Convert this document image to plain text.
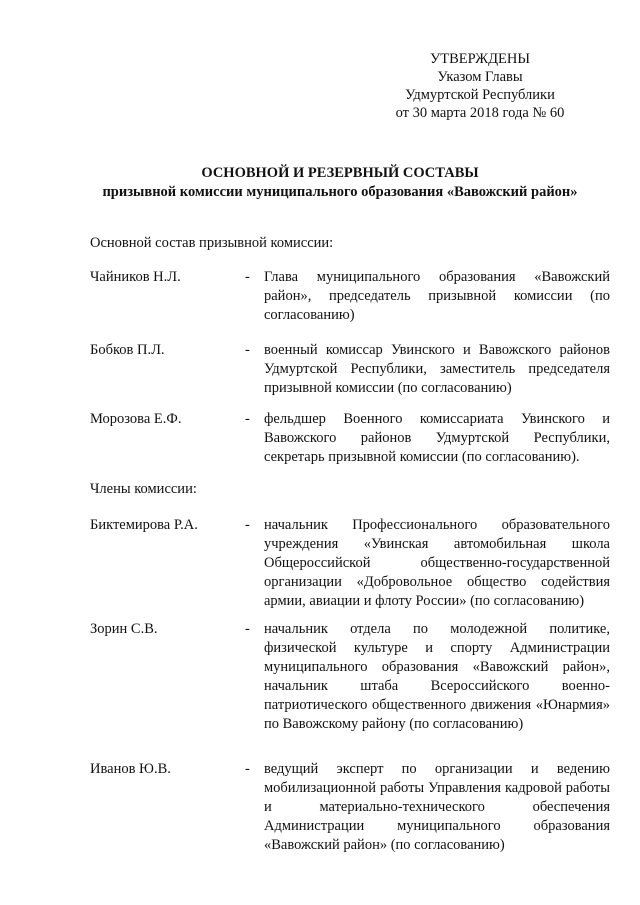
УТВЕРЖДЕНЫ
Указом Главы
Удмуртской Республики
от 30 марта 2018 года № 60
ОСНОВНОЙ И РЕЗЕРВНЫЙ СОСТАВЫ
призывной комиссии муниципального образования «Вавожский район»
Основной состав призывной комиссии:
Чайников Н.Л.	- Глава муниципального образования «Вавожский район», председатель призывной комиссии (по согласованию)
Бобков П.Л.	- военный комиссар Увинского и Вавожского районов Удмуртской Республики, заместитель председателя призывной комиссии (по согласованию)
Морозова Е.Ф.	- фельдшер Военного комиссариата Увинского и Вавожского районов Удмуртской Республики, секретарь призывной комиссии (по согласованию).
Члены комиссии:
Биктемирова Р.А.	- начальник Профессионального образовательного учреждения «Увинская автомобильная школа Общероссийской общественно-государственной организации «Добровольное общество содействия армии, авиации и флоту России» (по согласованию)
Зорин С.В.	- начальник отдела по молодежной политике, физической культуре и спорту Администрации муниципального образования «Вавожский район», начальник штаба Всероссийского военно-патриотического общественного движения «Юнармия» по Вавожскому району (по согласованию)
Иванов Ю.В.	- ведущий эксперт по организации и ведению мобилизационной работы Управления кадровой работы и материально-технического обеспечения Администрации муниципального образования «Вавожский район» (по согласованию)
